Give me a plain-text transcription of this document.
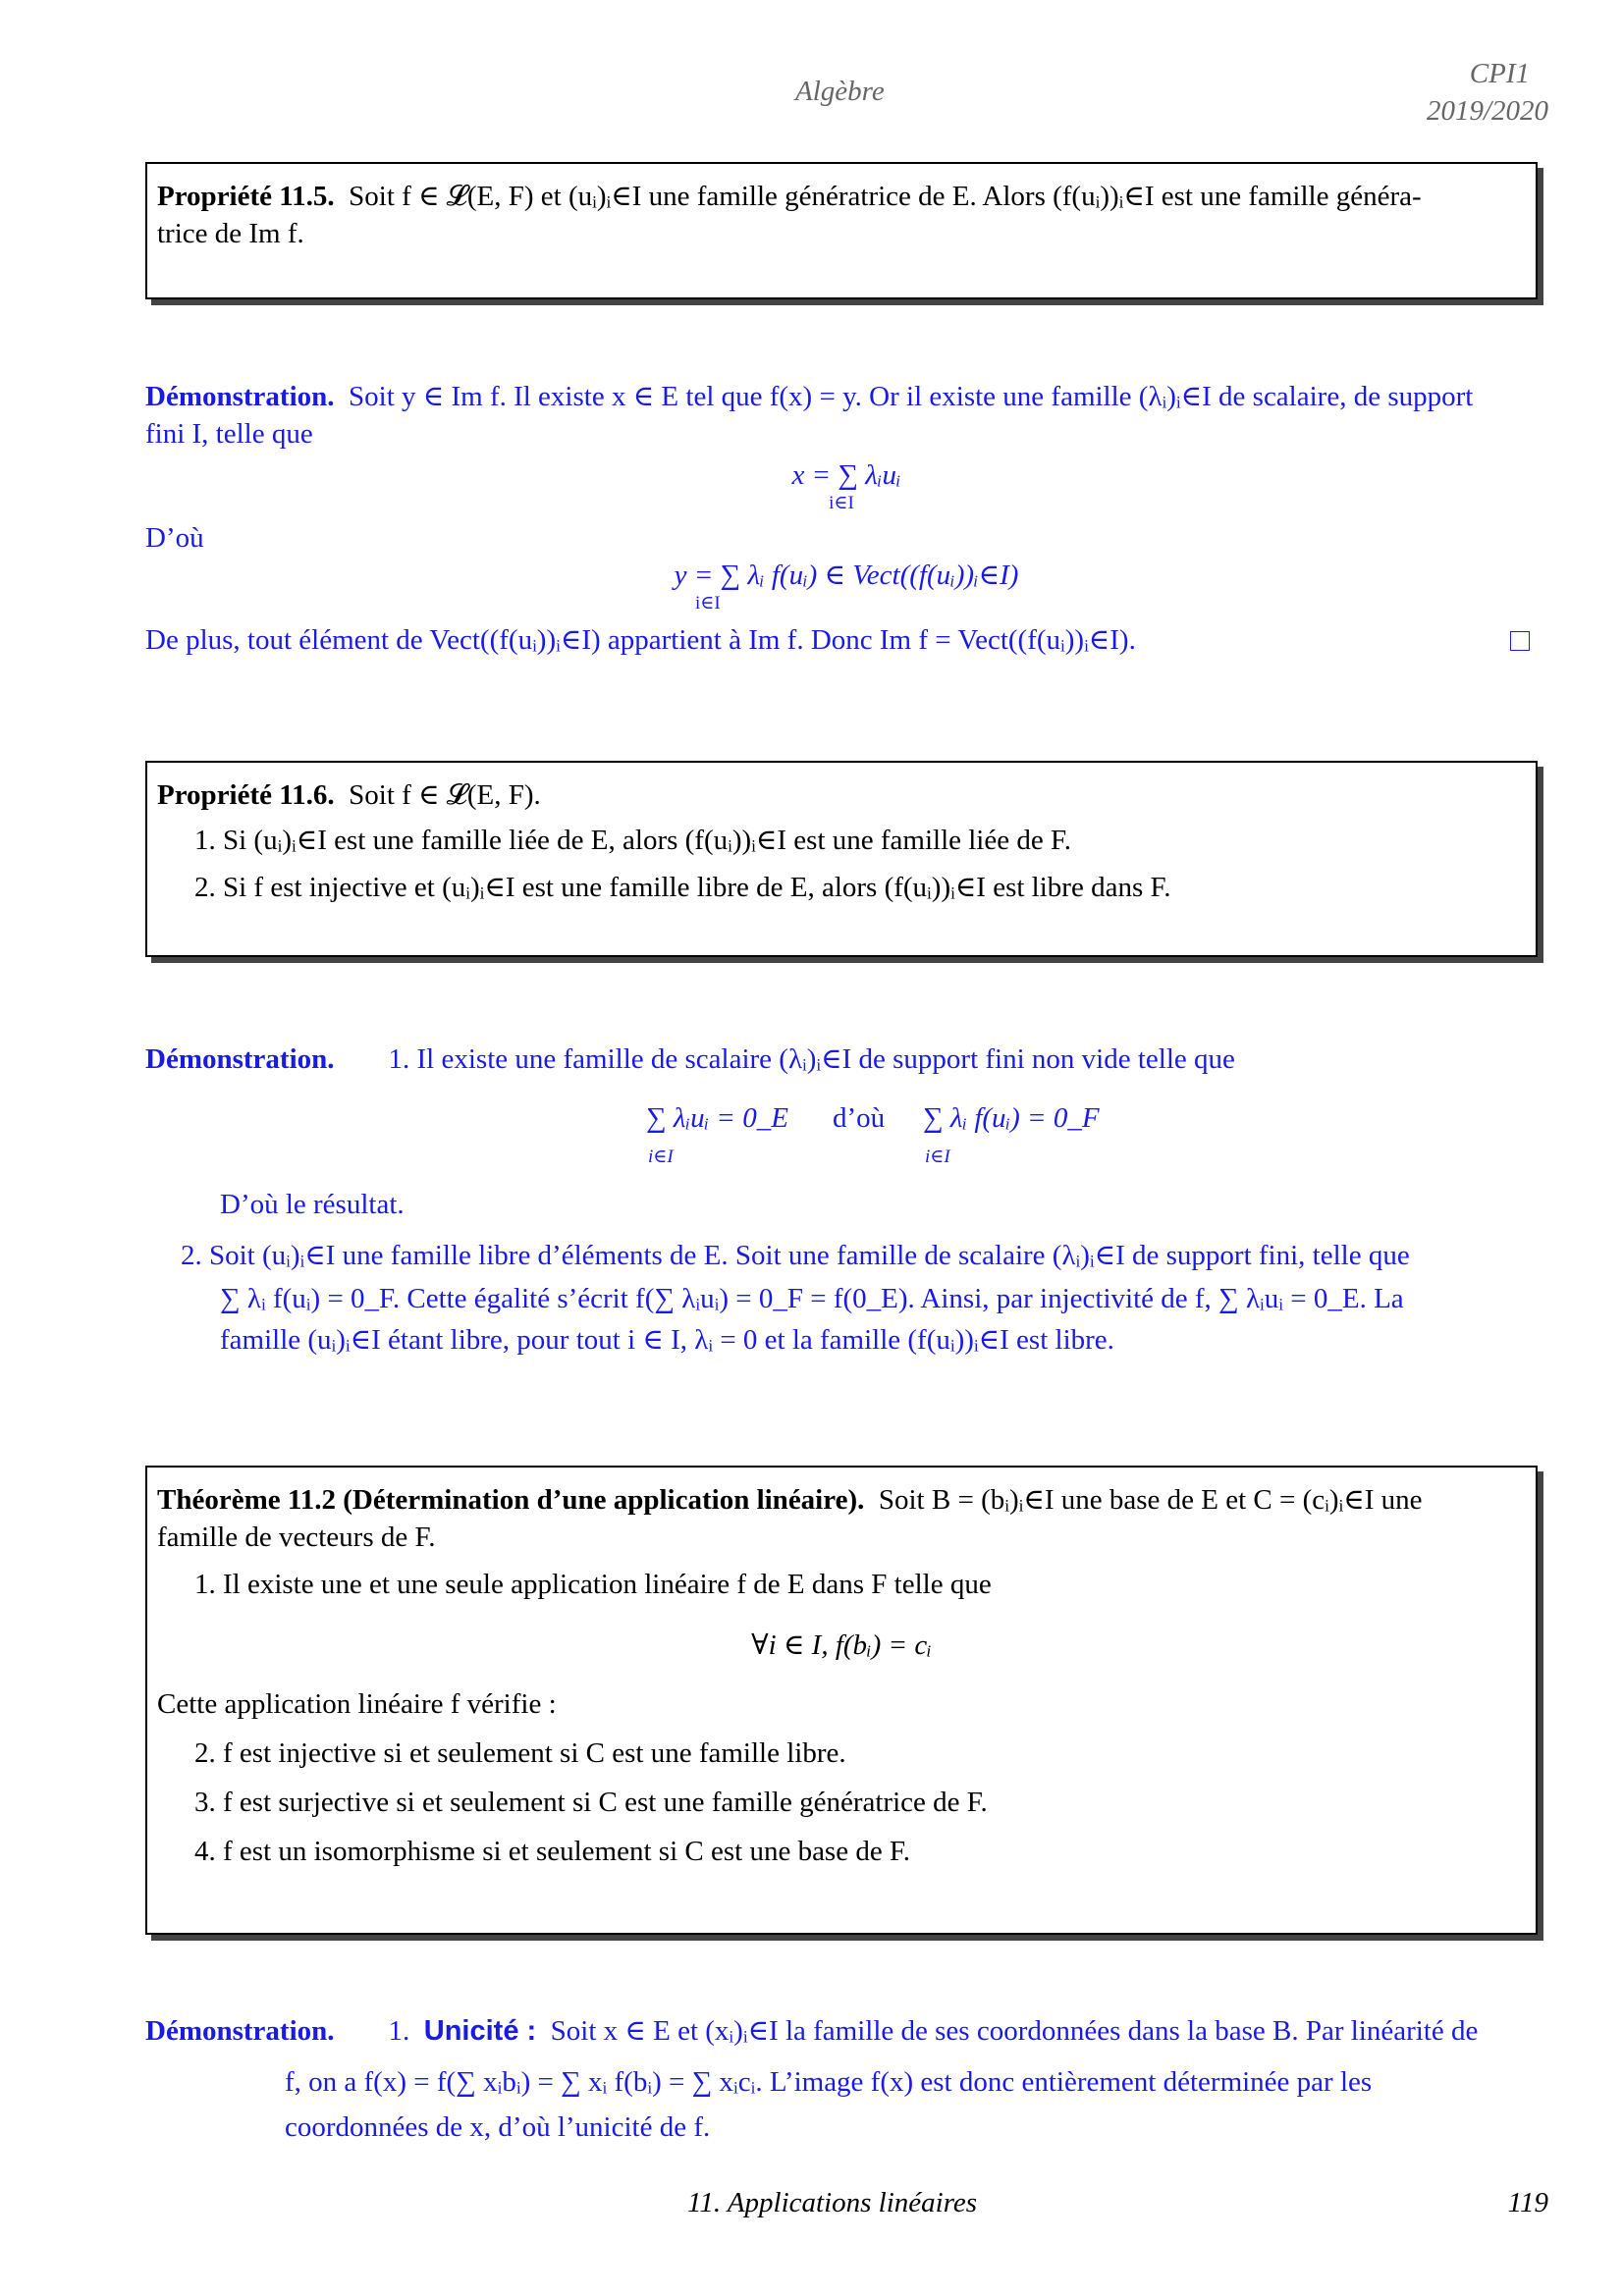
Algèbre
CPI1
2019/2020
Propriété 11.5. Soit f ∈ 𝓛(E, F) et (uᵢ)ᵢ∈I une famille génératrice de E. Alors (f(uᵢ))ᵢ∈I est une famille généra-
trice de Im f.
Démonstration. Soit y ∈ Im f. Il existe x ∈ E tel que f(x) = y. Or il existe une famille (λᵢ)ᵢ∈I de scalaire, de support
fini I, telle que
x = ∑ λᵢuᵢ
i∈I
D’où
y = ∑ λᵢ f(uᵢ) ∈ Vect((f(uᵢ))ᵢ∈I)
i∈I
De plus, tout élément de Vect((f(uᵢ))ᵢ∈I) appartient à Im f. Donc Im f = Vect((f(uᵢ))ᵢ∈I).
Propriété 11.6. Soit f ∈ 𝓛(E, F).
1. Si (uᵢ)ᵢ∈I est une famille liée de E, alors (f(uᵢ))ᵢ∈I est une famille liée de F.
2. Si f est injective et (uᵢ)ᵢ∈I est une famille libre de E, alors (f(uᵢ))ᵢ∈I est libre dans F.
Démonstration. 1. Il existe une famille de scalaire (λᵢ)ᵢ∈I de support fini non vide telle que
∑ λᵢuᵢ = 0_E d’où ∑ λᵢ f(uᵢ) = 0_F
i∈I	i∈I
D’où le résultat.
2. Soit (uᵢ)ᵢ∈I une famille libre d’éléments de E. Soit une famille de scalaire (λᵢ)ᵢ∈I de support fini, telle que
∑ λᵢ f(uᵢ) = 0_F. Cette égalité s’écrit f(∑ λᵢuᵢ) = 0_F = f(0_E). Ainsi, par injectivité de f, ∑ λᵢuᵢ = 0_E. La
famille (uᵢ)ᵢ∈I étant libre, pour tout i ∈ I, λᵢ = 0 et la famille (f(uᵢ))ᵢ∈I est libre.
Théorème 11.2 (Détermination d’une application linéaire). Soit B = (bᵢ)ᵢ∈I une base de E et C = (cᵢ)ᵢ∈I une
famille de vecteurs de F.
1. Il existe une et une seule application linéaire f de E dans F telle que
∀i ∈ I, f(bᵢ) = cᵢ
Cette application linéaire f vérifie :
2. f est injective si et seulement si C est une famille libre.
3. f est surjective si et seulement si C est une famille génératrice de F.
4. f est un isomorphisme si et seulement si C est une base de F.
Démonstration. 1. Unicité : Soit x ∈ E et (xᵢ)ᵢ∈I la famille de ses coordonnées dans la base B. Par linéarité de
f, on a f(x) = f(∑ xᵢbᵢ) = ∑ xᵢ f(bᵢ) = ∑ xᵢcᵢ. L’image f(x) est donc entièrement déterminée par les
coordonnées de x, d’où l’unicité de f.
11. Applications linéaires	119
